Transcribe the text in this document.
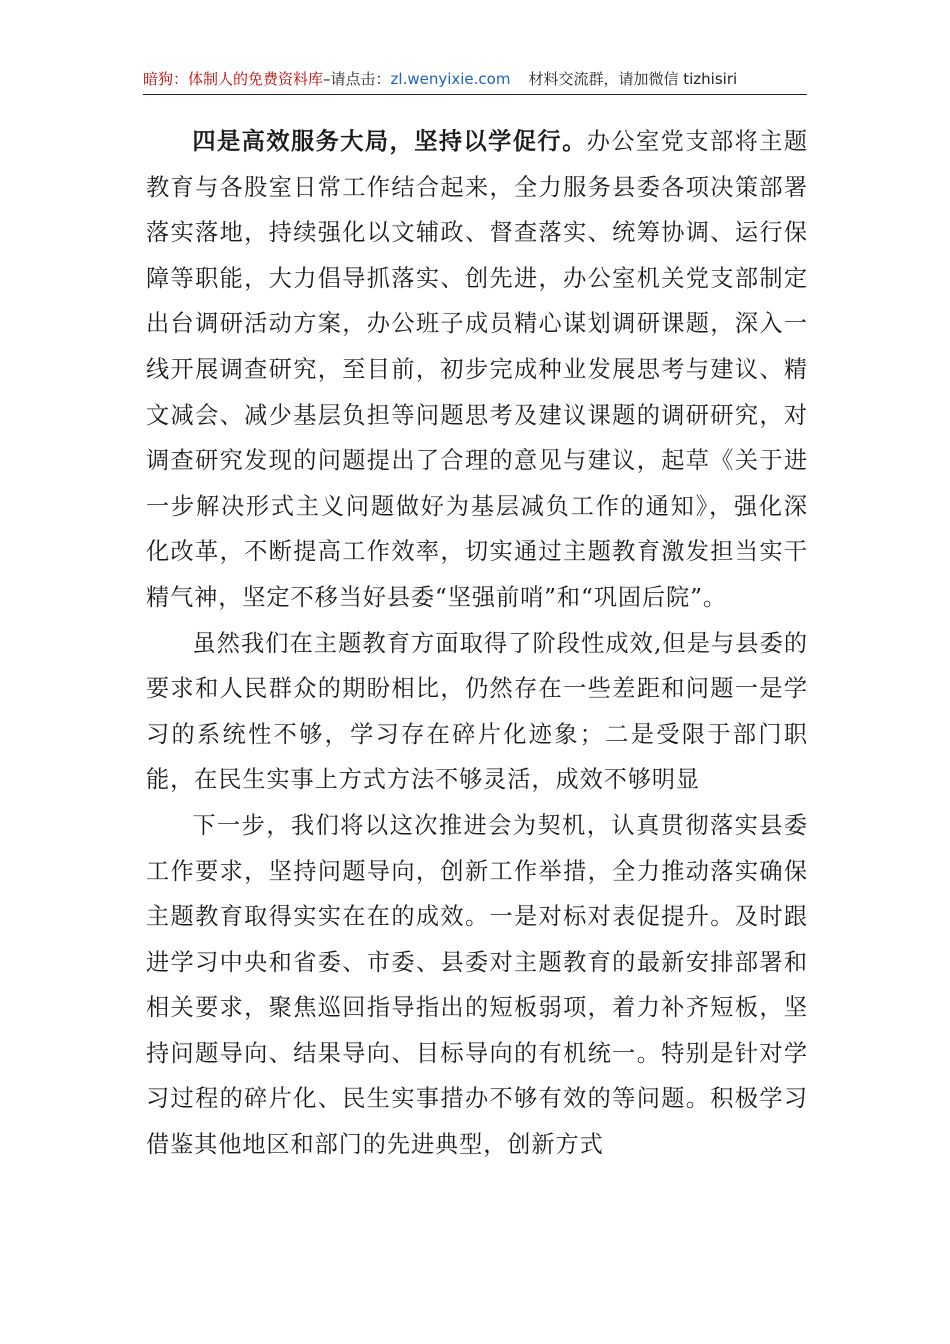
暗狗：体制人的免费资料库–请点击：zl.wenyixie.com 材料交流群，请加微信 tizhisiri

四是高效服务大局，坚持以学促行。办公室党支部将主题教育与各股室日常工作结合起来，全力服务县委各项决策部署落实落地，持续强化以文辅政、督查落实、统筹协调、运行保障等职能，大力倡导抓落实、创先进，办公室机关党支部制定出台调研活动方案，办公班子成员精心谋划调研课题，深入一线开展调查研究，至目前，初步完成种业发展思考与建议、精文减会、减少基层负担等问题思考及建议课题的调研研究，对调查研究发现的问题提出了合理的意见与建议，起草《关于进一步解决形式主义问题做好为基层减负工作的通知》，强化深化改革，不断提高工作效率，切实通过主题教育激发担当实干精气神，坚定不移当好县委“坚强前哨”和“巩固后院”。

虽然我们在主题教育方面取得了阶段性成效,但是与县委的要求和人民群众的期盼相比，仍然存在一些差距和问题一是学习的系统性不够，学习存在碎片化迹象；二是受限于部门职能，在民生实事上方式方法不够灵活，成效不够明显

下一步，我们将以这次推进会为契机，认真贯彻落实县委工作要求，坚持问题导向，创新工作举措，全力推动落实确保主题教育取得实实在在的成效。一是对标对表促提升。及时跟进学习中央和省委、市委、县委对主题教育的最新安排部署和相关要求，聚焦巡回指导指出的短板弱项，着力补齐短板，坚持问题导向、结果导向、目标导向的有机统一。特别是针对学习过程的碎片化、民生实事措办不够有效的等问题。积极学习借鉴其他地区和部门的先进典型，创新方式
